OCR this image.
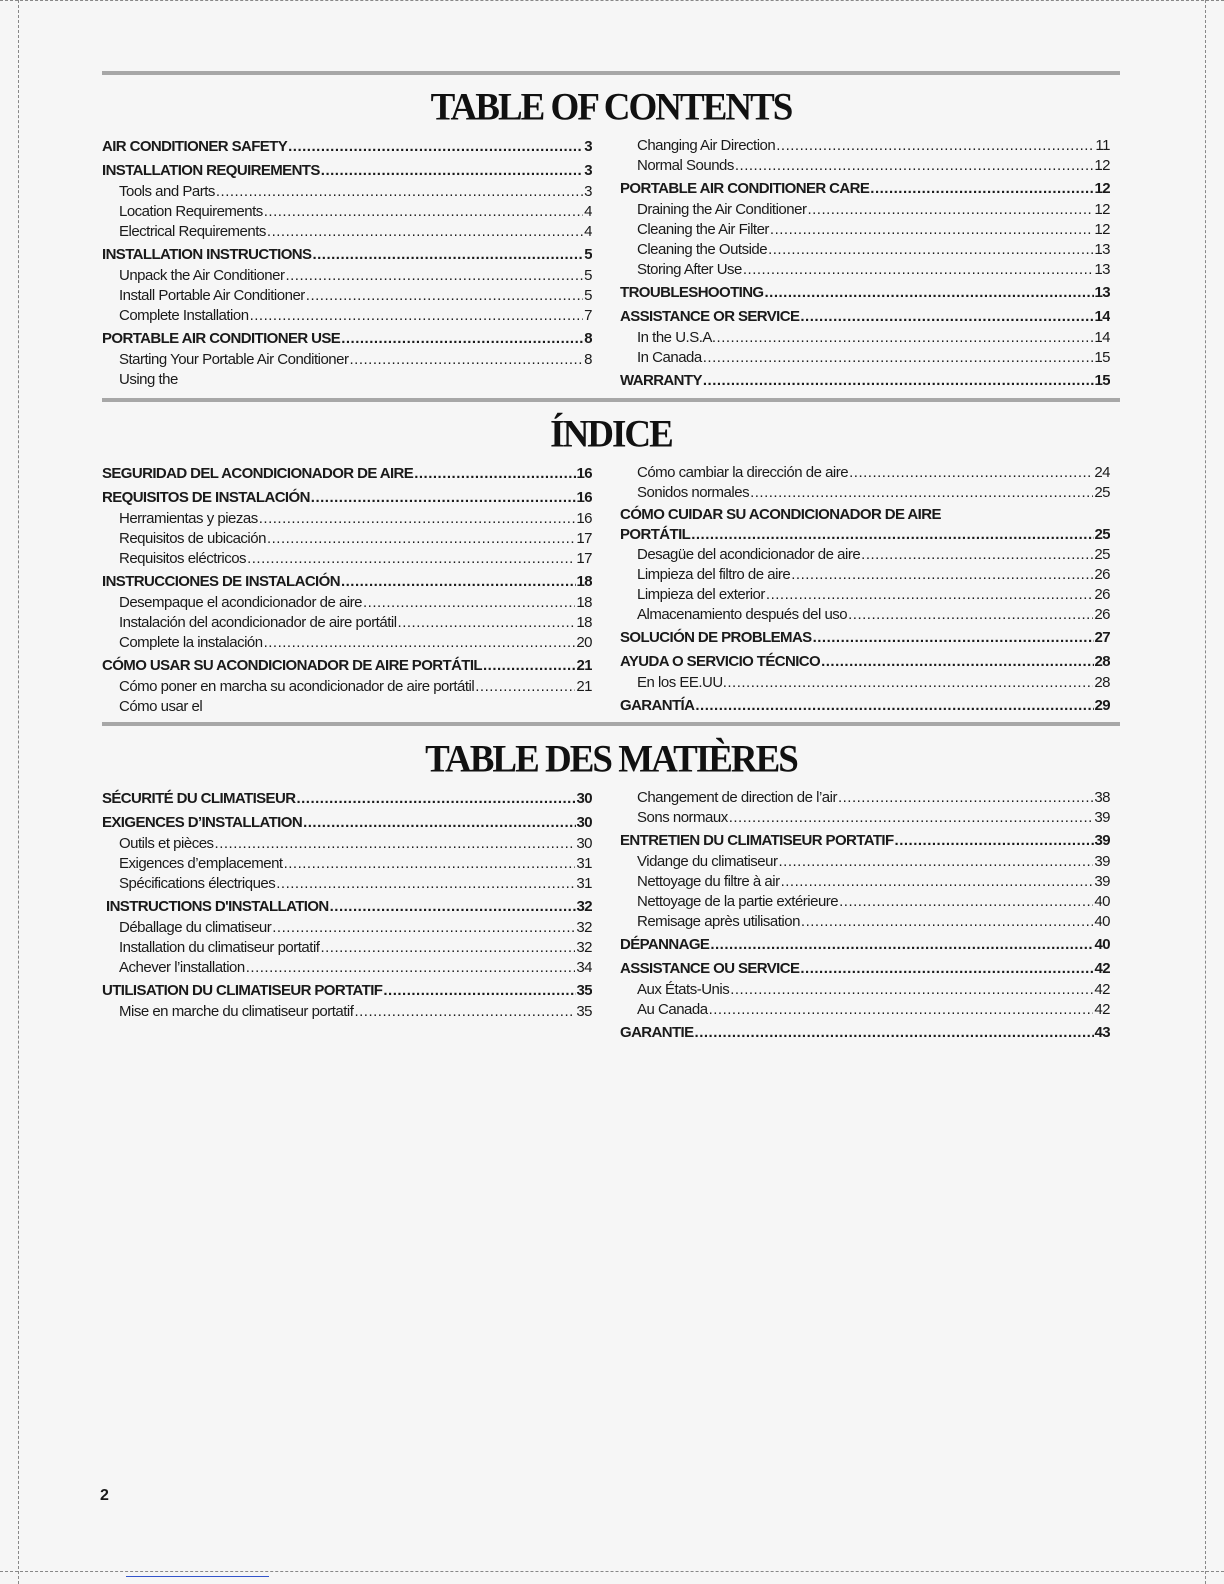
TABLE OF CONTENTS
AIR CONDITIONER SAFETY .....	3
INSTALLATION REQUIREMENTS .....	3
Tools and Parts .....	3
Location Requirements .....	4
Electrical Requirements .....	4
INSTALLATION INSTRUCTIONS .....	5
Unpack the Air Conditioner .....	5
Install Portable Air Conditioner .....	5
Complete Installation .....	7
PORTABLE AIR CONDITIONER USE .....	8
Starting Your Portable Air Conditioner .....	8
Using the
Changing Air Direction .....	11
Normal Sounds .....	12
PORTABLE AIR CONDITIONER CARE .....	12
Draining the Air Conditioner .....	12
Cleaning the Air Filter .....	12
Cleaning the Outside .....	13
Storing After Use .....	13
TROUBLESHOOTING .....	13
ASSISTANCE OR SERVICE .....	14
In the U.S.A. .....	14
In Canada .....	15
WARRANTY .....	15
ÍNDICE
SEGURIDAD DEL ACONDICIONADOR DE AIRE .....	16
REQUISITOS DE INSTALACIÓN .....	16
Herramientas y piezas .....	16
Requisitos de ubicación .....	17
Requisitos eléctricos .....	17
INSTRUCCIONES DE INSTALACIÓN .....	18
Desempaque el acondicionador de aire .....	18
Instalación del acondicionador de aire portátil .....	18
Complete la instalación .....	20
CÓMO USAR SU ACONDICIONADOR DE AIRE PORTÁTIL .....	21
Cómo poner en marcha su acondicionador de aire portátil .....	21
Cómo usar el
Cómo cambiar la dirección de aire .....	24
Sonidos normales .....	25
CÓMO CUIDAR SU ACONDICIONADOR DE AIRE
PORTÁTIL .....	25
Desagüe del acondicionador de aire .....	25
Limpieza del filtro de aire .....	26
Limpieza del exterior .....	26
Almacenamiento después del uso .....	26
SOLUCIÓN DE PROBLEMAS .....	27
AYUDA O SERVICIO TÉCNICO .....	28
En los EE.UU. .....	28
GARANTÍA .....	29
TABLE DES MATIÈRES
SÉCURITÉ DU CLIMATISEUR .....	30
EXIGENCES D’INSTALLATION .....	30
Outils et pièces .....	30
Exigences d’emplacement .....	31
Spécifications électriques .....	31
INSTRUCTIONS D'INSTALLATION .....	32
Déballage du climatiseur .....	32
Installation du climatiseur portatif .....	32
Achever l’installation .....	34
UTILISATION DU CLIMATISEUR PORTATIF .....	35
Mise en marche du climatiseur portatif .....	35
Changement de direction de l’air .....	38
Sons normaux .....	39
ENTRETIEN DU CLIMATISEUR PORTATIF .....	39
Vidange du climatiseur .....	39
Nettoyage du filtre à air .....	39
Nettoyage de la partie extérieure .....	40
Remisage après utilisation .....	40
DÉPANNAGE .....	40
ASSISTANCE OU SERVICE .....	42
Aux États-Unis .....	42
Au Canada .....	42
GARANTIE .....	43
2
